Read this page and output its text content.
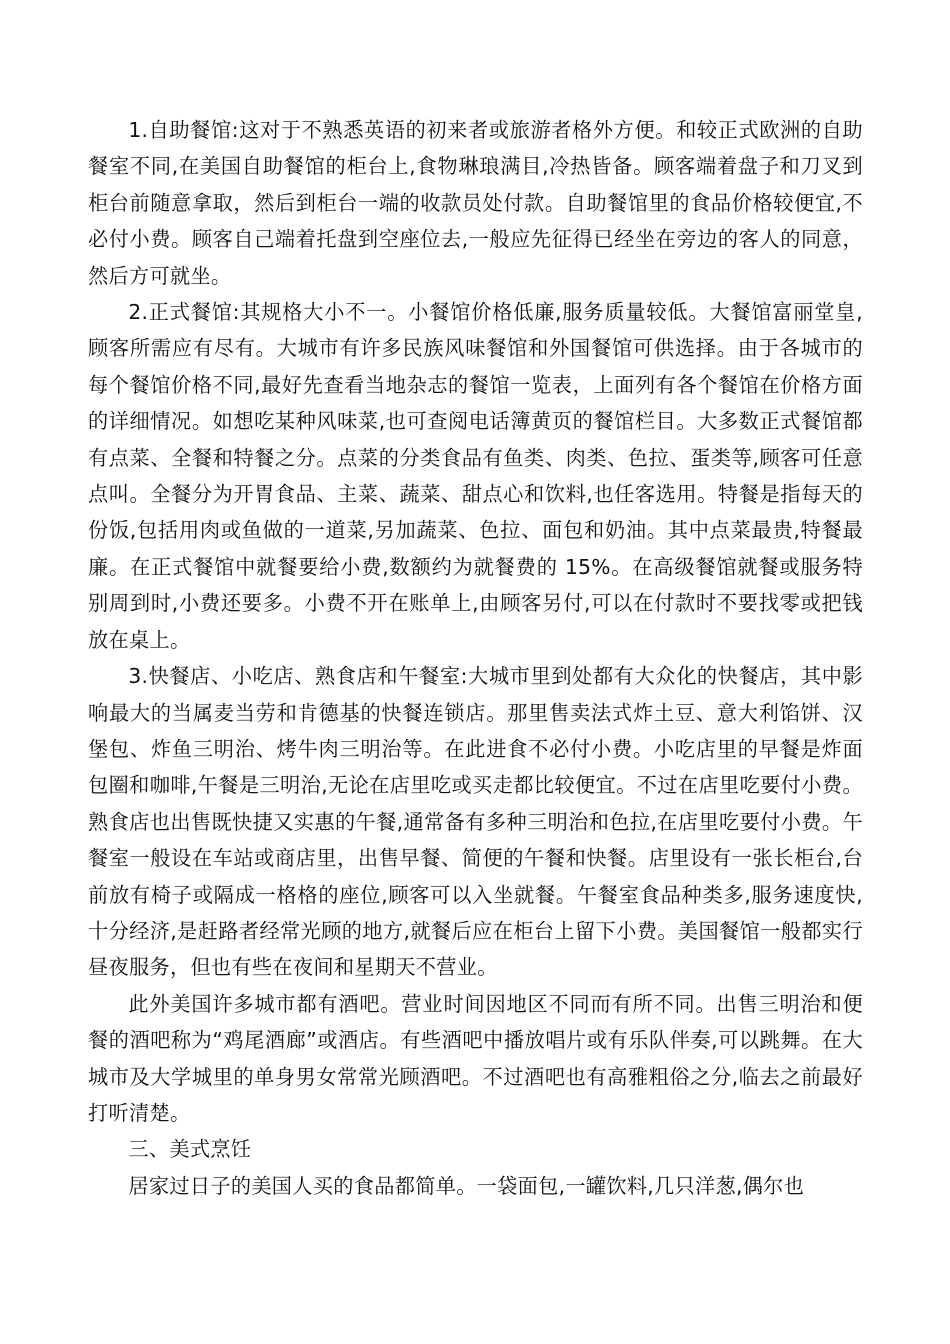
1.自助餐馆:这对于不熟悉英语的初来者或旅游者格外方便。和较正式欧洲的自助餐室不同,在美国自助餐馆的柜台上,食物琳琅满目,冷热皆备。顾客端着盘子和刀叉到柜台前随意拿取，然后到柜台一端的收款员处付款。自助餐馆里的食品价格较便宜,不必付小费。顾客自己端着托盘到空座位去,一般应先征得已经坐在旁边的客人的同意，然后方可就坐。

2.正式餐馆:其规格大小不一。小餐馆价格低廉,服务质量较低。大餐馆富丽堂皇,顾客所需应有尽有。大城市有许多民族风味餐馆和外国餐馆可供选择。由于各城市的每个餐馆价格不同,最好先查看当地杂志的餐馆一览表，上面列有各个餐馆在价格方面的详细情况。如想吃某种风味菜,也可查阅电话簿黄页的餐馆栏目。大多数正式餐馆都有点菜、全餐和特餐之分。点菜的分类食品有鱼类、肉类、色拉、蛋类等,顾客可任意点叫。全餐分为开胃食品、主菜、蔬菜、甜点心和饮料,也任客选用。特餐是指每天的份饭,包括用肉或鱼做的一道菜,另加蔬菜、色拉、面包和奶油。其中点菜最贵,特餐最廉。在正式餐馆中就餐要给小费,数额约为就餐费的 15%。在高级餐馆就餐或服务特别周到时,小费还要多。小费不开在账单上,由顾客另付,可以在付款时不要找零或把钱放在桌上。

3.快餐店、小吃店、熟食店和午餐室:大城市里到处都有大众化的快餐店，其中影响最大的当属麦当劳和肯德基的快餐连锁店。那里售卖法式炸土豆、意大利馅饼、汉堡包、炸鱼三明治、烤牛肉三明治等。在此进食不必付小费。小吃店里的早餐是炸面包圈和咖啡,午餐是三明治,无论在店里吃或买走都比较便宜。不过在店里吃要付小费。熟食店也出售既快捷又实惠的午餐,通常备有多种三明治和色拉,在店里吃要付小费。午餐室一般设在车站或商店里，出售早餐、简便的午餐和快餐。店里设有一张长柜台,台前放有椅子或隔成一格格的座位,顾客可以入坐就餐。午餐室食品种类多,服务速度快,十分经济,是赶路者经常光顾的地方,就餐后应在柜台上留下小费。美国餐馆一般都实行昼夜服务，但也有些在夜间和星期天不营业。

此外美国许多城市都有酒吧。营业时间因地区不同而有所不同。出售三明治和便餐的酒吧称为“鸡尾酒廊”或酒店。有些酒吧中播放唱片或有乐队伴奏,可以跳舞。在大城市及大学城里的单身男女常常光顾酒吧。不过酒吧也有高雅粗俗之分,临去之前最好打听清楚。

三、美式烹饪

居家过日子的美国人买的食品都简单。一袋面包,一罐饮料,几只洋葱,偶尔也
